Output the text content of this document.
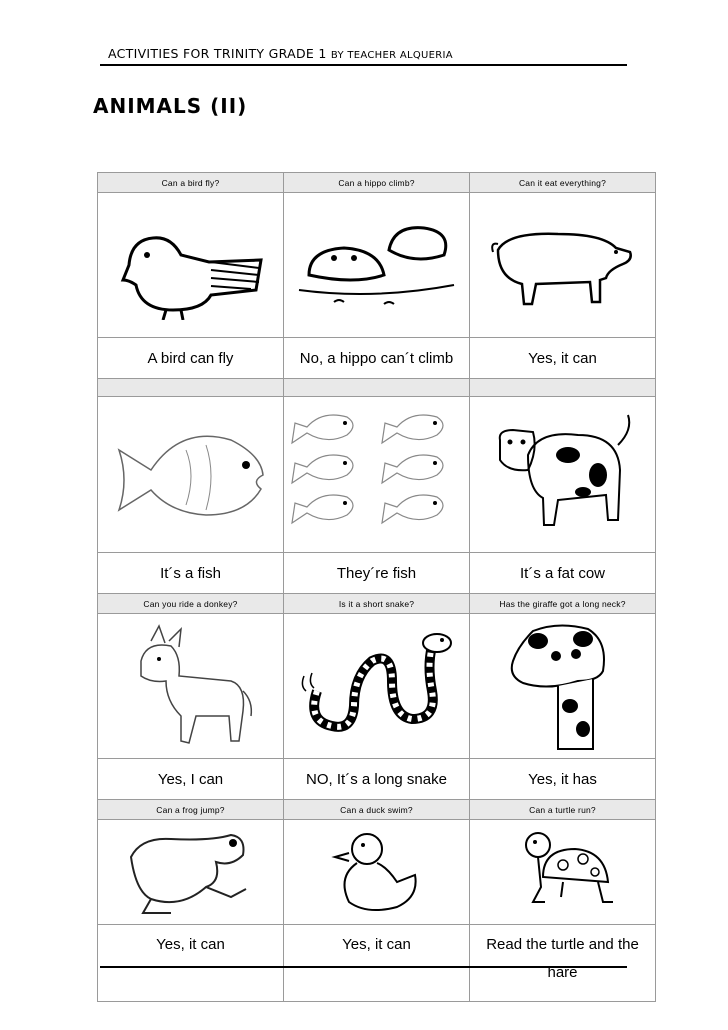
ACTIVITIES FOR TRINITY GRADE 1 BY TEACHER ALQUERIA
ANIMALS (II)
Can a bird fly?	Can a hippo climb?	Can it eat everything?

A bird can fly	No, a hippo can´t climb	Yes, it can

It´s a fish	They´re fish	It´s a fat cow
Can you ride a donkey?	Is it a short snake?	Has the giraffe got a long neck?

Yes, I can	NO, It´s a long snake	Yes, it has
Can a frog jump?	Can a duck swim?	Can a turtle run?

Yes, it can	Yes, it can	Read the turtle and the hare
